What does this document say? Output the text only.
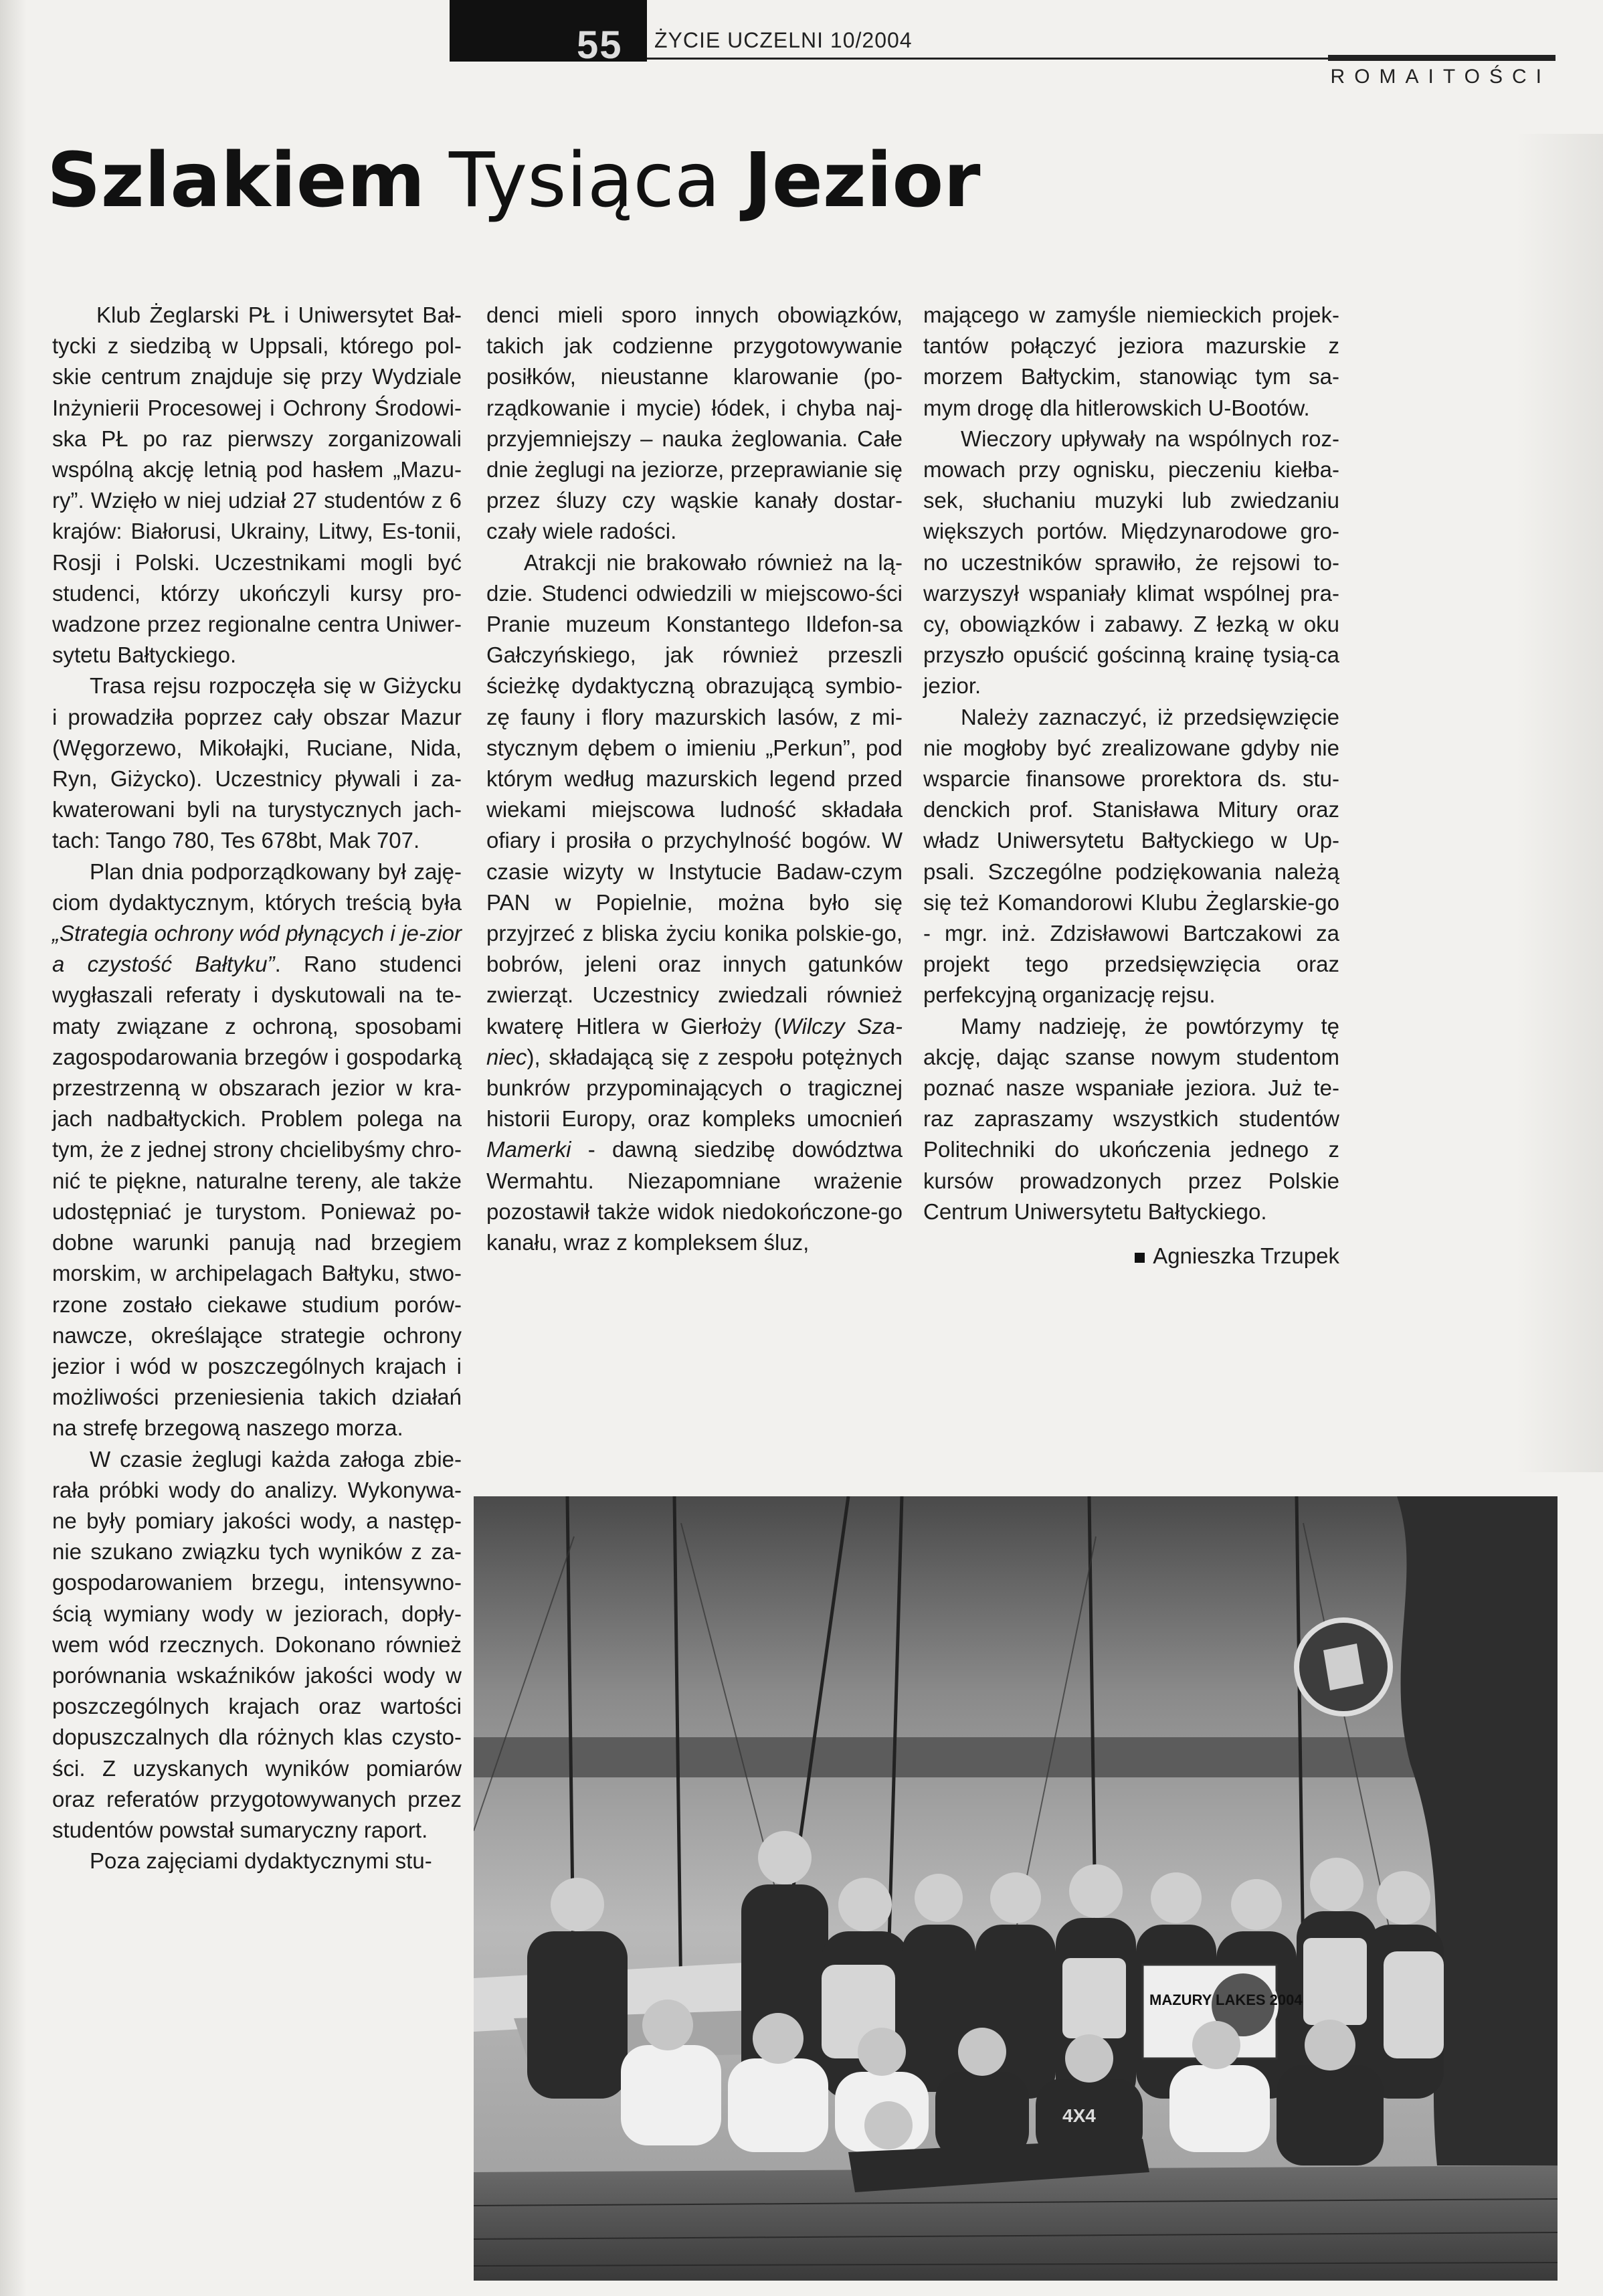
55 ŻYCIE UCZELNI 10/2004
ROMAITOŚCI
Szlakiem Tysiąca Jezior

Klub Żeglarski PŁ i Uniwersytet Bał-tycki z siedzibą w Uppsali, którego pol-skie centrum znajduje się przy Wydziale Inżynierii Procesowej i Ochrony Środowi-ska PŁ po raz pierwszy zorganizowali wspólną akcję letnią pod hasłem „Mazu-ry”. Wzięło w niej udział 27 studentów z 6 krajów: Białorusi, Ukrainy, Litwy, Es-tonii, Rosji i Polski. Uczestnikami mogli być studenci, którzy ukończyli kursy pro-wadzone przez regionalne centra Uniwer-sytetu Bałtyckiego.

Trasa rejsu rozpoczęła się w Giżycku i prowadziła poprzez cały obszar Mazur (Węgorzewo, Mikołajki, Ruciane, Nida, Ryn, Giżycko). Uczestnicy pływali i za-kwaterowani byli na turystycznych jach-tach: Tango 780, Tes 678bt, Mak 707.

Plan dnia podporządkowany był zaję-ciom dydaktycznym, których treścią była „Strategia ochrony wód płynących i je-zior a czystość Bałtyku”. Rano studenci wygłaszali referaty i dyskutowali na te-maty związane z ochroną, sposobami zagospodarowania brzegów i gospodarką przestrzenną w obszarach jezior w kra-jach nadbałtyckich. Problem polega na tym, że z jednej strony chcielibyśmy chro-nić te piękne, naturalne tereny, ale także udostępniać je turystom. Ponieważ po-dobne warunki panują nad brzegiem morskim, w archipelagach Bałtyku, stwo-rzone zostało ciekawe studium porów-nawcze, określające strategie ochrony jezior i wód w poszczególnych krajach i możliwości przeniesienia takich działań na strefę brzegową naszego morza.

W czasie żeglugi każda załoga zbie-rała próbki wody do analizy. Wykonywa-ne były pomiary jakości wody, a następ-nie szukano związku tych wyników z za-gospodarowaniem brzegu, intensywno-ścią wymiany wody w jeziorach, dopły-wem wód rzecznych. Dokonano również porównania wskaźników jakości wody w poszczególnych krajach oraz wartości dopuszczalnych dla różnych klas czysto-ści. Z uzyskanych wyników pomiarów oraz referatów przygotowywanych przez studentów powstał sumaryczny raport.

Poza zajęciami dydaktycznymi stu-

denci mieli sporo innych obowiązków, takich jak codzienne przygotowywanie posiłków, nieustanne klarowanie (po-rządkowanie i mycie) łódek, i chyba naj-przyjemniejszy – nauka żeglowania. Całe dnie żeglugi na jeziorze, przeprawianie się przez śluzy czy wąskie kanały dostar-czały wiele radości.

Atrakcji nie brakowało również na lą-dzie. Studenci odwiedzili w miejscowo-ści Pranie muzeum Konstantego Ildefon-sa Gałczyńskiego, jak również przeszli ścieżkę dydaktyczną obrazującą symbio-zę fauny i flory mazurskich lasów, z mi-stycznym dębem o imieniu „Perkun”, pod którym według mazurskich legend przed wiekami miejscowa ludność składała ofiary i prosiła o przychylność bogów. W czasie wizyty w Instytucie Badaw-czym PAN w Popielnie, można było się przyjrzeć z bliska życiu konika polskie-go, bobrów, jeleni oraz innych gatunków zwierząt. Uczestnicy zwiedzali również kwaterę Hitlera w Gierłoży (Wilczy Sza-niec), składającą się z zespołu potężnych bunkrów przypominających o tragicznej historii Europy, oraz kompleks umocnień Mamerki - dawną siedzibę dowództwa Wermahtu. Niezapomniane wrażenie pozostawił także widok niedokończone-go kanału, wraz z kompleksem śluz,

mającego w zamyśle niemieckich projek-tantów połączyć jeziora mazurskie z morzem Bałtyckim, stanowiąc tym sa-mym drogę dla hitlerowskich U-Bootów.

Wieczory upływały na wspólnych roz-mowach przy ognisku, pieczeniu kiełba-sek, słuchaniu muzyki lub zwiedzaniu większych portów. Międzynarodowe gro-no uczestników sprawiło, że rejsowi to-warzyszył wspaniały klimat wspólnej pra-cy, obowiązków i zabawy. Z łezką w oku przyszło opuścić gościnną krainę tysią-ca jezior.

Należy zaznaczyć, iż przedsięwzięcie nie mogłoby być zrealizowane gdyby nie wsparcie finansowe prorektora ds. stu-denckich prof. Stanisława Mitury oraz władz Uniwersytetu Bałtyckiego w Up-psali. Szczególne podziękowania należą się też Komandorowi Klubu Żeglarskie-go - mgr. inż. Zdzisławowi Bartczakowi za projekt tego przedsięwzięcia oraz perfekcyjną organizację rejsu.

Mamy nadzieję, że powtórzymy tę akcję, dając szanse nowym studentom poznać nasze wspaniałe jeziora. Już te-raz zapraszamy wszystkich studentów Politechniki do ukończenia jednego z kursów prowadzonych przez Polskie Centrum Uniwersytetu Bałtyckiego.

Agnieszka Trzupek
MAZURY LAKES 2004
4X4
